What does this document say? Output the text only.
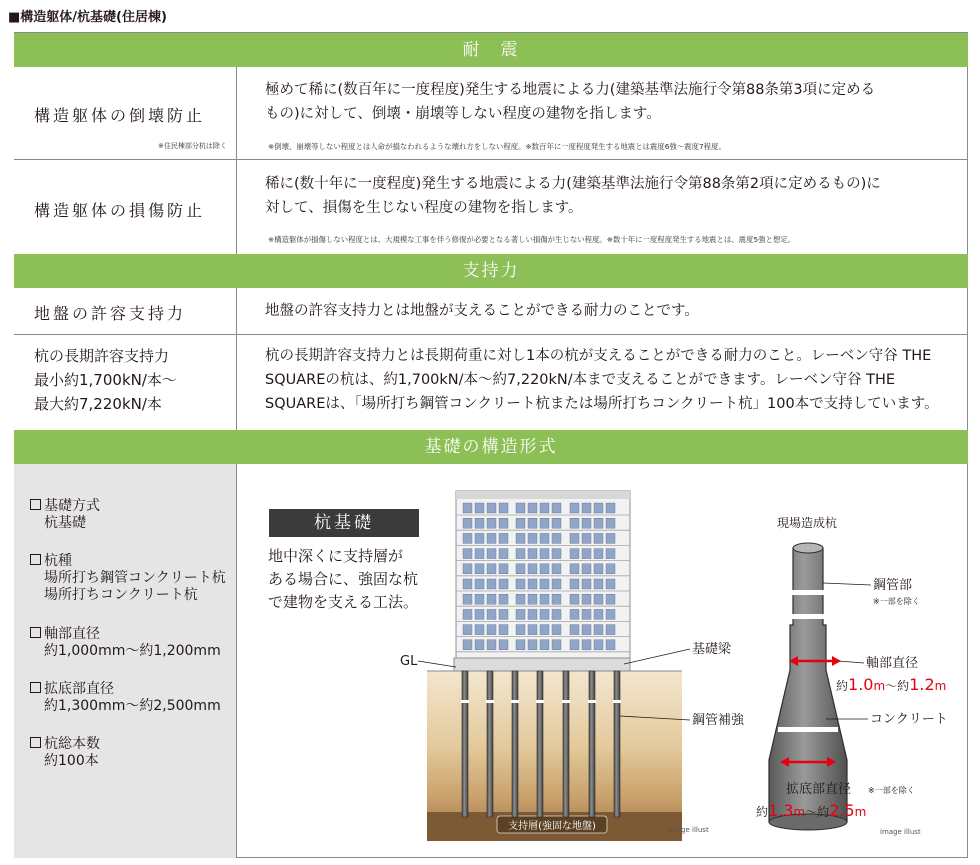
■構造躯体/杭基礎(住居棟)
耐　震
構造躯体の倒壊防止
※住民棟部分杭は除く
極めて稀に(数百年に一度程度)発生する地震による力(建築基準法施行令第88条第3項に定める
もの)に対して、倒壊・崩壊等しない程度の建物を指します。
※倒壊、崩壊等しない程度とは人命が損なわれるような壊れ方をしない程度。※数百年に一度程度発生する地震とは震度6強～震度7程度。
構造躯体の損傷防止
稀に(数十年に一度程度)発生する地震による力(建築基準法施行令第88条第2項に定めるもの)に
対して、損傷を生じない程度の建物を指します。
※構造躯体が損傷しない程度とは、大規模な工事を伴う修復が必要となる著しい損傷が生じない程度。※数十年に一度程度発生する地震とは、震度5強と想定。
支持力
地盤の許容支持力	地盤の許容支持力とは地盤が支えることができる耐力のことです。
杭の長期許容支持力
最小約1,700kN/本～
最大約7,220kN/本
杭の長期許容支持力とは長期荷重に対し1本の杭が支えることができる耐力のこと。レーベン守谷 THE
SQUAREの杭は、約1,700kN/本～約7,220kN/本まで支えることができます。レーベン守谷 THE
SQUAREは、「場所打ち鋼管コンクリート杭または場所打ちコンクリート杭」100本で支持しています。
基礎の構造形式
基礎方式
杭基礎
杭種
場所打ち鋼管コンクリート杭
場所打ちコンクリート杭
軸部直径
約1,000mm～約1,200mm
拡底部直径
約1,300mm～約2,500mm
杭総本数
約100本
杭基礎
地中深くに支持層が
ある場合に、強固な杭
で建物を支える工法。
支持層(強固な地盤)
GL
基礎梁
鋼管補強
image illust
現場造成杭
鋼管部
※一部を除く
軸部直径
約1.0m～約1.2m
コンクリート
拡底部直径 ※一部を除く
約1.3m～約2.5m
image illust
